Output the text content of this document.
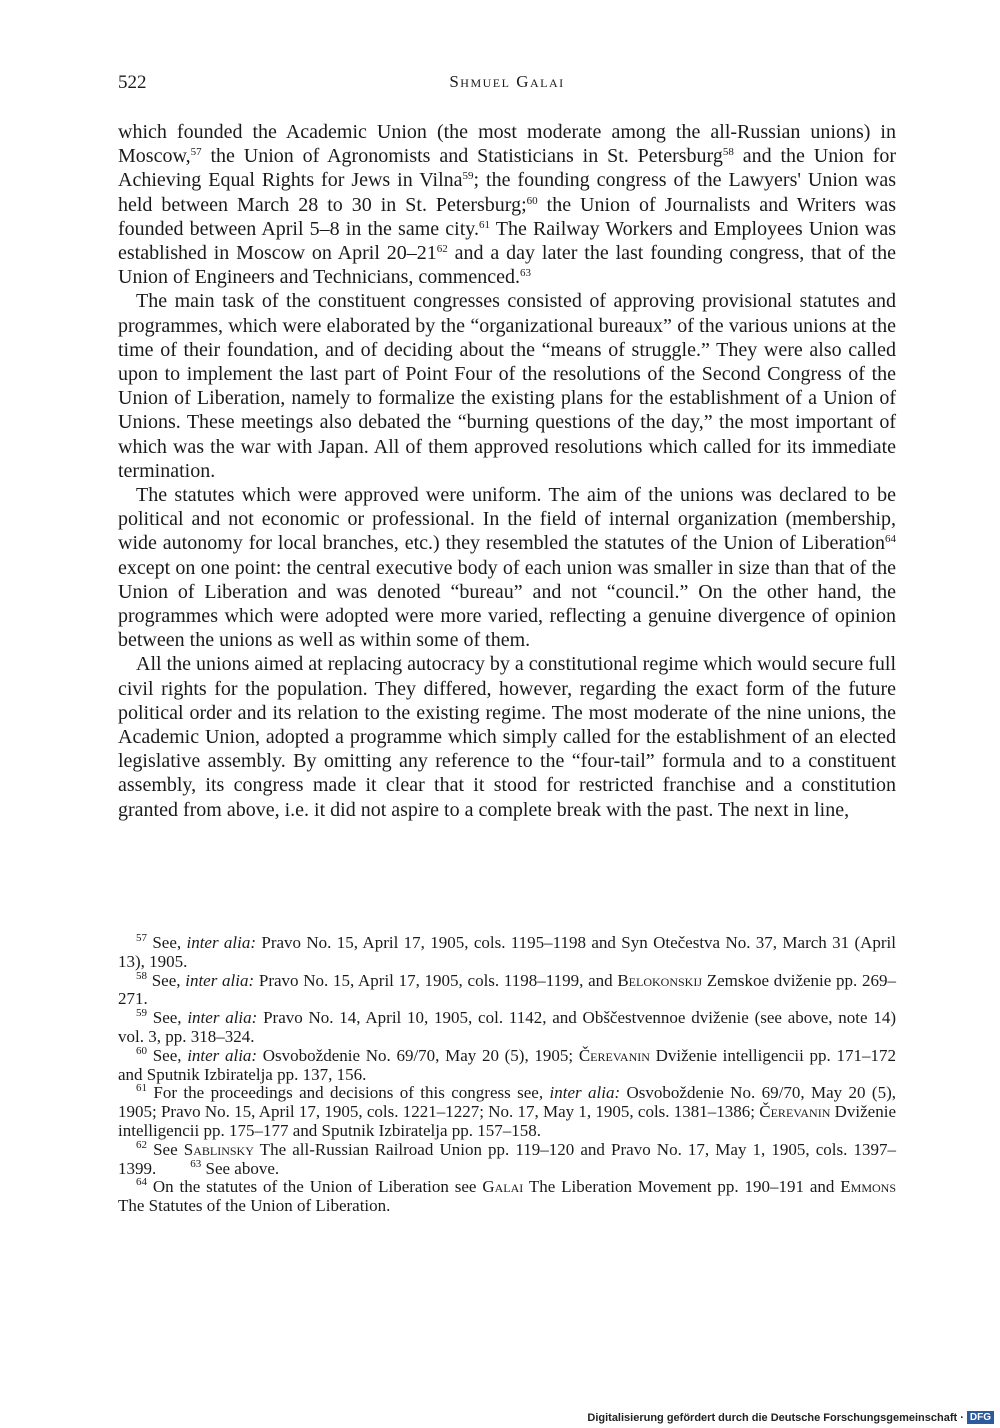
522	Shmuel Galai

which founded the Academic Union (the most moderate among the all-Russian unions) in Moscow,$^{57}$ the Union of Agronomists and Statisticians in St. Petersburg$^{58}$ and the Union for Achieving Equal Rights for Jews in Vilna$^{59}$; the founding congress of the Lawyers' Union was held between March 28 to 30 in St. Petersburg;$^{60}$ the Union of Journalists and Writers was founded between April 5–8 in the same city.$^{61}$ The Railway Workers and Employees Union was established in Moscow on April $20-21^{62}$ and a day later the last founding congress, that of the Union of Engineers and Technicians, commenced.$^{63}$

The main task of the constituent congresses consisted of approving provisional statutes and programmes, which were elaborated by the “organizational bureaux” of the various unions at the time of their foundation, and of deciding about the “means of struggle.” They were also called upon to implement the last part of Point Four of the resolutions of the Second Congress of the Union of Liberation, namely to formalize the existing plans for the establishment of a Union of Unions. These meetings also debated the “burning questions of the day,” the most important of which was the war with Japan. All of them approved resolutions which called for its immediate termination.

The statutes which were approved were uniform. The aim of the unions was declared to be political and not economic or professional. In the field of internal organization (membership, wide autonomy for local branches, etc.) they resembled the statutes of the Union of Liberation$^{64}$ except on one point: the central executive body of each union was smaller in size than that of the Union of Liberation and was denoted “bureau” and not “council.” On the other hand, the programmes which were adopted were more varied, reflecting a genuine divergence of opinion between the unions as well as within some of them.

All the unions aimed at replacing autocracy by a constitutional regime which would secure full civil rights for the population. They differed, however, regarding the exact form of the future political order and its relation to the existing regime. The most moderate of the nine unions, the Academic Union, adopted a programme which simply called for the establishment of an elected legislative assembly. By omitting any reference to the “four-tail” formula and to a constituent assembly, its congress made it clear that it stood for restricted franchise and a constitution granted from above, i.e. it did not aspire to a complete break with the past. The next in line,

$^{57}$ See, inter alia: Pravo No. 15, April 17, 1905, cols. 1195–1198 and Syn Otečestva No. 37, March 31 (April 13), 1905.

$^{58}$ See, inter alia: Pravo No. 15, April 17, 1905, cols. 1198–1199, and Belokonskij Zemskoe dviženie pp. 269–271.

$^{59}$ See, inter alia: Pravo No. 14, April 10, 1905, col. 1142, and Obščestvennoe dviženie (see above, note 14) vol. 3, pp. 318–324.

$^{60}$ See, inter alia: Osvoboždenie No. 69/70, May 20 (5), 1905; Čerevanin Dviženie intelligencii pp. 171–172 and Sputnik Izbiratelja pp. 137, 156.

$^{61}$ For the proceedings and decisions of this congress see, inter alia: Osvoboždenie No. 69/70, May 20 (5), 1905; Pravo No. 15, April 17, 1905, cols. 1221–1227; No. 17, May 1, 1905, cols. 1381–1386; Čerevanin Dviženie intelligencii pp. 175–177 and Sputnik Izbiratelja pp. 157–158.

$^{62}$ See Sablinsky The all-Russian Railroad Union pp. 119–120 and Pravo No. 17, May 1, 1905, cols. 1397–1399.  $^{63}$ See above.

$^{64}$ On the statutes of the Union of Liberation see Galai The Liberation Movement pp. 190–191 and Emmons The Statutes of the Union of Liberation.

Digitalisierung gefördert durch die Deutsche Forschungsgemeinschaft · DFG
